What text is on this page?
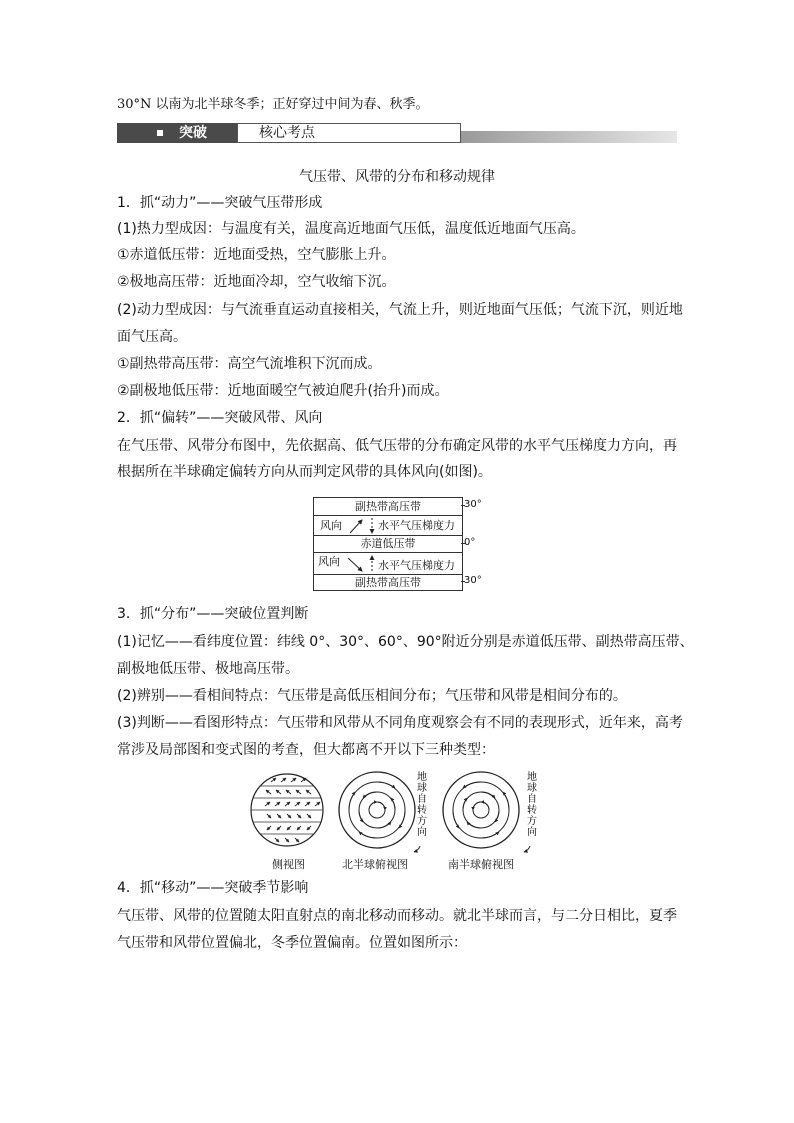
30°N 以南为北半球冬季；正好穿过中间为春、秋季。
突破	核心考点
气压带、风带的分布和移动规律
1．抓“动力”——突破气压带形成
(1)热力型成因：与温度有关，温度高近地面气压低，温度低近地面气压高。
①赤道低压带：近地面受热，空气膨胀上升。
②极地高压带：近地面冷却，空气收缩下沉。
(2)动力型成因：与气流垂直运动直接相关，气流上升，则近地面气压低；气流下沉，则近地
面气压高。
①副热带高压带：高空气流堆积下沉而成。
②副极地低压带：近地面暖空气被迫爬升(抬升)而成。
2．抓“偏转”——突破风带、风向
在气压带、风带分布图中，先依据高、低气压带的分布确定风带的水平气压梯度力方向，再
根据所在半球确定偏转方向从而判定风带的具体风向(如图)。
副热带高压带
风向	水平气压梯度力
赤道低压带
风向	水平气压梯度力
副热带高压带
30°
0°
30°
3．抓“分布”——突破位置判断
(1)记忆——看纬度位置：纬线 0°、30°、60°、90°附近分别是赤道低压带、副热带高压带、
副极地低压带、极地高压带。
(2)辨别——看相间特点：气压带是高低压相间分布；气压带和风带是相间分布的。
(3)判断——看图形特点：气压带和风带从不同角度观察会有不同的表现形式，近年来，高考
常涉及局部图和变式图的考查，但大都离不开以下三种类型：
地球自转方向
地球自转方向
侧视图	北半球俯视图	南半球俯视图
4．抓“移动”——突破季节影响
气压带、风带的位置随太阳直射点的南北移动而移动。就北半球而言，与二分日相比，夏季
气压带和风带位置偏北，冬季位置偏南。位置如图所示：
